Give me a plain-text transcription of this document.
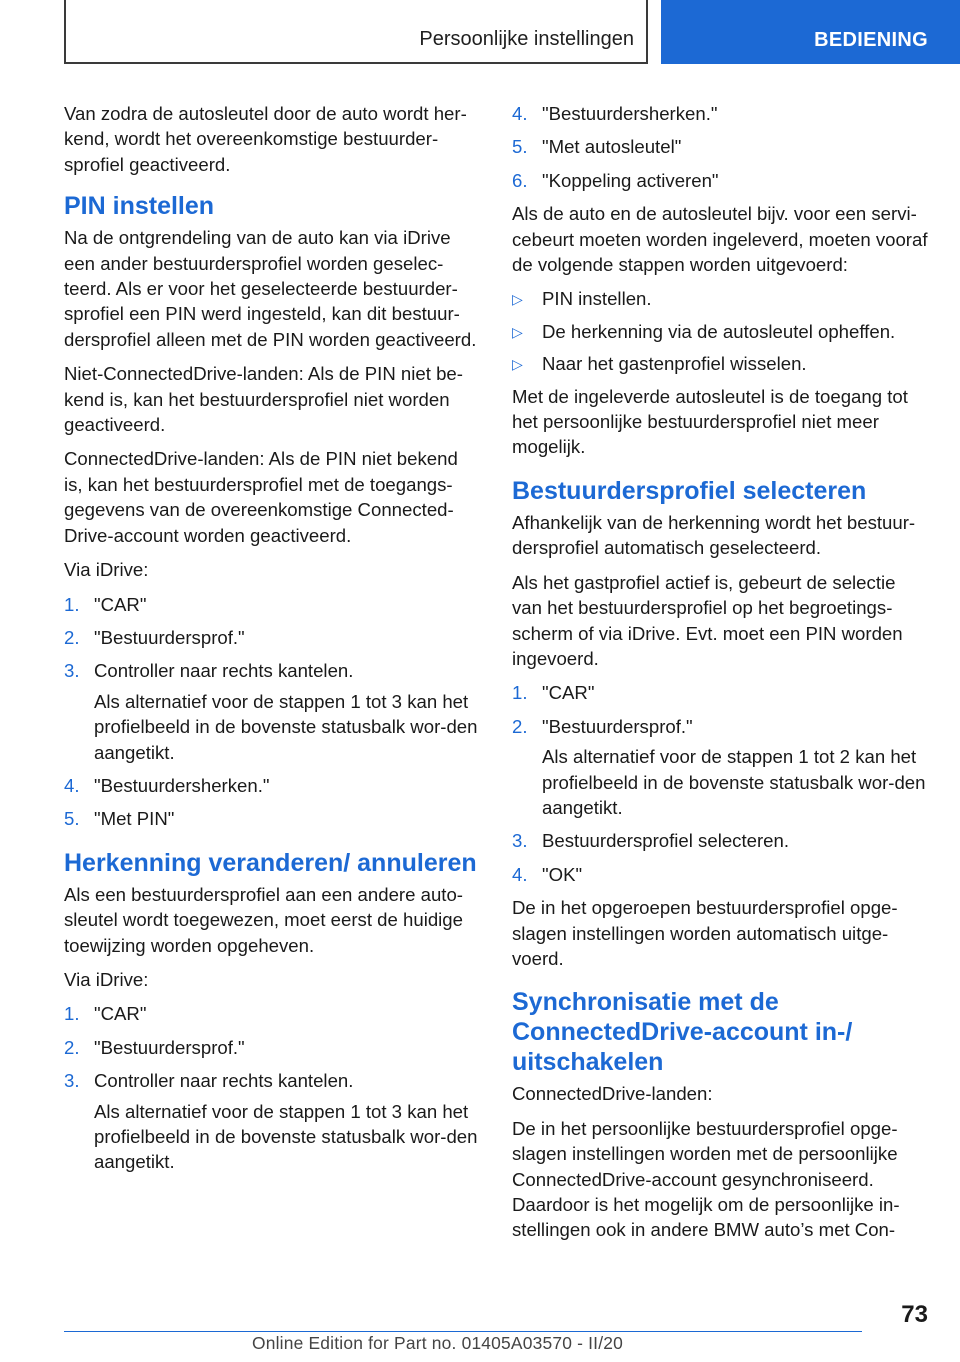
Persoonlijke instellingen	BEDIENING

Van zodra de autosleutel door de auto wordt her-kend, wordt het overeenkomstige bestuurder-sprofiel geactiveerd.

PIN instellen

Na de ontgrendeling van de auto kan via iDrive een ander bestuurdersprofiel worden geselec-teerd. Als er voor het geselecteerde bestuurder-sprofiel een PIN werd ingesteld, kan dit bestuur-dersprofiel alleen met de PIN worden geactiveerd.

Niet-ConnectedDrive-landen: Als de PIN niet be-kend is, kan het bestuurdersprofiel niet worden geactiveerd.

ConnectedDrive-landen: Als de PIN niet bekend is, kan het bestuurdersprofiel met de toegangs-gegevens van de overeenkomstige Connected-Drive-account worden geactiveerd.

Via iDrive:

1. "CAR"
2. "Bestuurdersprof."
3. Controller naar rechts kantelen.
Als alternatief voor de stappen 1 tot 3 kan het profielbeeld in de bovenste statusbalk wor-den aangetikt.
4. "Bestuurdersherken."
5. "Met PIN"
Herkenning veranderen/ annuleren

Als een bestuurdersprofiel aan een andere auto-sleutel wordt toegewezen, moet eerst de huidige toewijzing worden opgeheven.

Via iDrive:

1. "CAR"
2. "Bestuurdersprof."
3. Controller naar rechts kantelen.
Als alternatief voor de stappen 1 tot 3 kan het profielbeeld in de bovenste statusbalk wor-den aangetikt.
4. "Bestuurdersherken."
5. "Met autosleutel"
6. "Koppeling activeren"

Als de auto en de autosleutel bijv. voor een servi-cebeurt moeten worden ingeleverd, moeten vooraf de volgende stappen worden uitgevoerd:

▷ PIN instellen.
▷ De herkenning via de autosleutel opheffen.
▷ Naar het gastenprofiel wisselen.

Met de ingeleverde autosleutel is de toegang tot het persoonlijke bestuurdersprofiel niet meer mogelijk.

Bestuurdersprofiel selecteren

Afhankelijk van de herkenning wordt het bestuur-dersprofiel automatisch geselecteerd.

Als het gastprofiel actief is, gebeurt de selectie van het bestuurdersprofiel op het begroetings-scherm of via iDrive. Evt. moet een PIN worden ingevoerd.

1. "CAR"
2. "Bestuurdersprof."
Als alternatief voor de stappen 1 tot 2 kan het profielbeeld in de bovenste statusbalk wor-den aangetikt.
3. Bestuurdersprofiel selecteren.
4. "OK"

De in het opgeroepen bestuurdersprofiel opge-slagen instellingen worden automatisch uitge-voerd.

Synchronisatie met de ConnectedDrive-account in-/ uitschakelen

ConnectedDrive-landen:

De in het persoonlijke bestuurdersprofiel opge-slagen instellingen worden met de persoonlijke ConnectedDrive-account gesynchroniseerd. Daardoor is het mogelijk om de persoonlijke in-stellingen ook in andere BMW auto’s met Con-

73
Online Edition for Part no. 01405A03570 - II/20
